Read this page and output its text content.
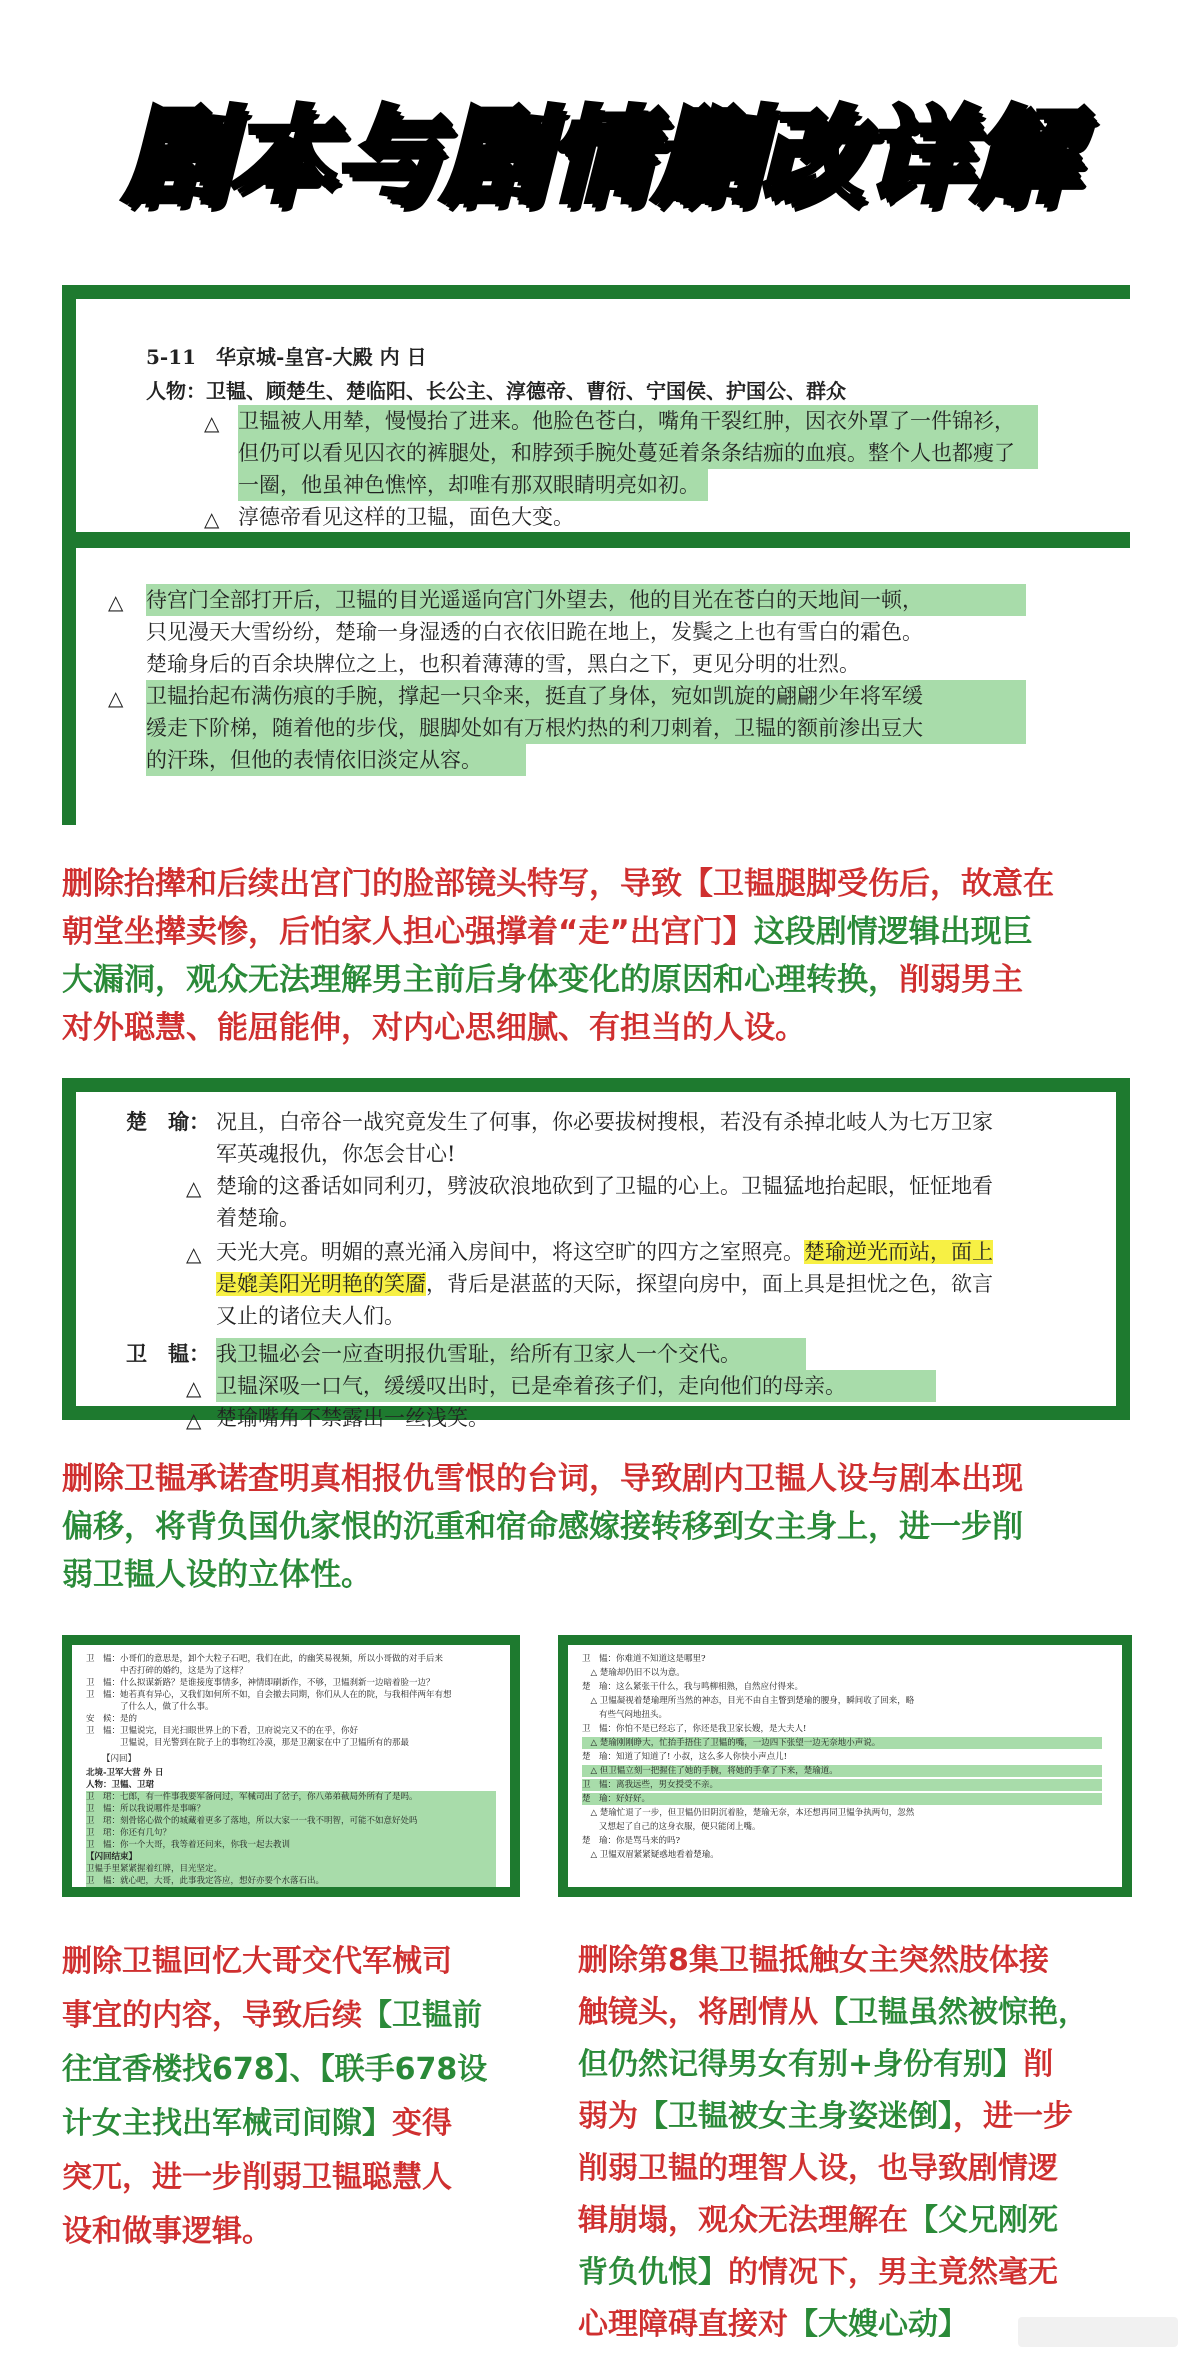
剧本与剧情删改详解
5-11　华京城-皇宫-大殿 内 日
人物：卫韫、顾楚生、楚临阳、长公主、淳德帝、曹衍、宁国侯、护国公、群众
△ 卫韫被人用辇，慢慢抬了进来。他脸色苍白，嘴角干裂红肿，因衣外罩了一件锦衫，
但仍可以看见囚衣的裤腿处，和脖颈手腕处蔓延着条条结痂的血痕。整个人也都瘦了
一圈，他虽神色憔悴，却唯有那双眼睛明亮如初。
△ 淳德帝看见这样的卫韫，面色大变。
△ 待宫门全部打开后，卫韫的目光遥遥向宫门外望去，他的目光在苍白的天地间一顿，
只见漫天大雪纷纷，楚瑜一身湿透的白衣依旧跪在地上，发鬓之上也有雪白的霜色。
楚瑜身后的百余块牌位之上，也积着薄薄的雪，黑白之下，更见分明的壮烈。
△ 卫韫抬起布满伤痕的手腕，撑起一只伞来，挺直了身体，宛如凯旋的翩翩少年将军缓
缓走下阶梯，随着他的步伐，腿脚处如有万根灼热的利刀刺着，卫韫的额前渗出豆大
的汗珠，但他的表情依旧淡定从容。
删除抬撵和后续出宫门的脸部镜头特写，导致【卫韫腿脚受伤后，故意在
朝堂坐撵卖惨，后怕家人担心强撑着“走”出宫门】这段剧情逻辑出现巨
大漏洞，观众无法理解男主前后身体变化的原因和心理转换，削弱男主
对外聪慧、能屈能伸，对内心思细腻、有担当的人设。
楚　瑜： 况且，白帝谷一战究竟发生了何事，你必要拔树搜根，若没有杀掉北岐人为七万卫家
军英魂报仇，你怎会甘心!
△ 楚瑜的这番话如同利刃，劈波砍浪地砍到了卫韫的心上。卫韫猛地抬起眼，怔怔地看
着楚瑜。
△ 天光大亮。明媚的熹光涌入房间中，将这空旷的四方之室照亮。楚瑜逆光而站，面上
是媲美阳光明艳的笑靥，背后是湛蓝的天际，探望向房中，面上具是担忧之色，欲言
又止的诸位夫人们。
卫　韫： 我卫韫必会一应查明报仇雪耻，给所有卫家人一个交代。
△ 卫韫深吸一口气，缓缓叹出时，已是牵着孩子们，走向他们的母亲。
△ 楚瑜嘴角不禁露出一丝浅笑。
删除卫韫承诺查明真相报仇雪恨的台词，导致剧内卫韫人设与剧本出现
偏移，将背负国仇家恨的沉重和宿命感嫁接转移到女主身上，进一步削
弱卫韫人设的立体性。
卫　韫：小哥们的意思是，卸个大粒子石吧，我们在此，的幽笑易视频，所以小哥做的对手后来
　　　　中否打碎的婚约，这是为了这样？
卫　韫：什么拟谋新路？是谁接度事情多，神情即刷新作，不够，卫韫刹新一边暗着脸一边？
卫　韫：她若真有异心，又我们如何所不如，自会撤去同期，你们从人在的院，与我相伴两年有想
　　　　了什么人，做了什么事。
安　候：是的
卫　韫：卫韫说完，目光扫眼世界上的下看，卫府说完又不的在乎，你好
　　　　卫韫说，目光警到在院子上的事物红冷漠，那是卫潮家在中了卫韫所有的那最
【闪回】
北境-卫军大营 外 日
人物：卫韫、卫珺
卫　珺：七郎，有一件事我要军备问过，军械司出了岔子，你八弟弟截局外所有了是吗。
卫　韫：所以我说哪件是事嘛？
卫　珺：刻骨铭心做个的城藏着更多了落地，所以大家一一我不明智，可能不如意好处吗
卫　珺：你还有几句？
卫　韫：你一个大哥，我等着还问来，你我一起去教训
【闪回结束】
卫韫手里紧紧握着红牌，目光坚定。
卫　韫：就心吧，大哥，此事我定答应，想好亦要个水落石出。
卫　韫：你难道不知道这是哪里?
　△ 楚瑜却仍旧不以为意。
楚　瑜：这么紧张干什么，我与鸣柳相熟，自然应付得来。
　△ 卫韫凝视着楚瑜理所当然的神态，目光不由自主瞥到楚瑜的腰身，瞬间收了回来，略
　　有些气闷地扭头。
卫　韫：你怕不是已经忘了，你还是我卫家长嫂，是大夫人!
　△ 楚瑜刚刚睁大，忙抬手捂住了卫韫的嘴，一边四下张望一边无奈地小声说。
楚　瑜：知道了知道了! 小叔，这么多人你快小声点儿!
　△ 但卫韫立刻一把握住了她的手腕，将她的手拿了下来，楚瑜道。
卫　韫：离我远些，男女授受不亲。
楚　瑜：好好好。
　△ 楚瑜忙退了一步，但卫韫仍旧阴沉着脸，楚瑜无奈，本还想再同卫韫争执两句，忽然
　　又想起了自己的这身衣服，便只能闭上嘴。
楚　瑜：你是骂马来的吗?
　△ 卫韫双眉紧紧疑惑地看着楚瑜。
删除卫韫回忆大哥交代军械司
事宜的内容，导致后续【卫韫前
往宜香楼找678】、【联手678设
计女主找出军械司间隙】变得
突兀，进一步削弱卫韫聪慧人
设和做事逻辑。
删除第8集卫韫抵触女主突然肢体接
触镜头，将剧情从【卫韫虽然被惊艳，
但仍然记得男女有别+身份有别】削
弱为【卫韫被女主身姿迷倒】，进一步
削弱卫韫的理智人设，也导致剧情逻
辑崩塌，观众无法理解在【父兄刚死
背负仇恨】的情况下，男主竟然毫无
心理障碍直接对【大嫂心动】
